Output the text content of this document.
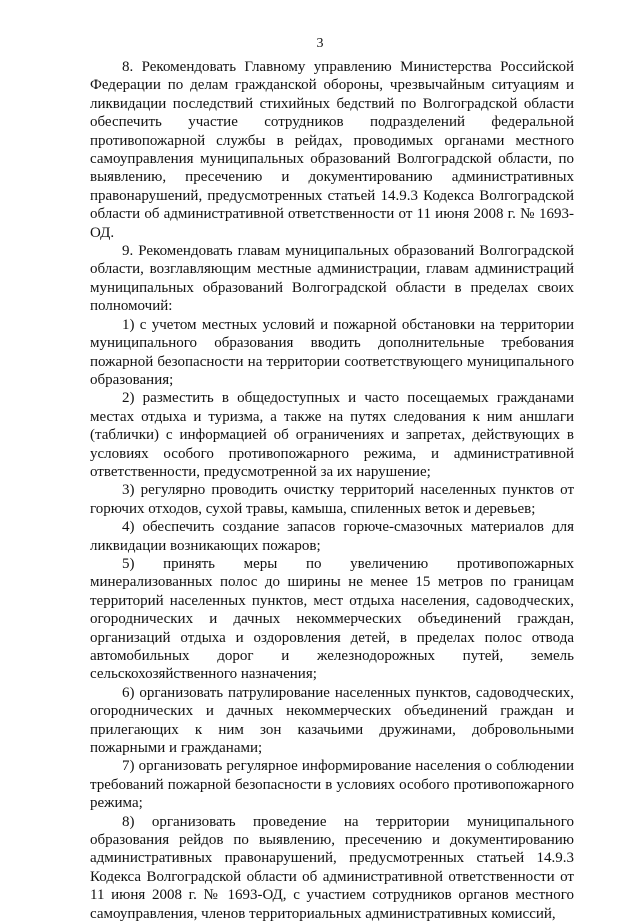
3

8. Рекомендовать Главному управлению Министерства Российской Федерации по делам гражданской обороны, чрезвычайным ситуациям и ликвидации последствий стихийных бедствий по Волгоградской области обеспечить участие сотрудников подразделений федеральной противопожарной службы в рейдах, проводимых органами местного самоуправления муниципальных образований Волгоградской области, по выявлению, пресечению и документированию административных правонарушений, предусмотренных статьей 14.9.3 Кодекса Волгоградской области об административной ответственности от 11 июня 2008 г. № 1693-ОД.

9. Рекомендовать главам муниципальных образований Волгоградской области, возглавляющим местные администрации, главам администраций муниципальных образований Волгоградской области в пределах своих полномочий:

1) с учетом местных условий и пожарной обстановки на территории муниципального образования вводить дополнительные требования пожарной безопасности на территории соответствующего муниципального образования;

2) разместить в общедоступных и часто посещаемых гражданами местах отдыха и туризма, а также на путях следования к ним аншлаги (таблички) с информацией об ограничениях и запретах, действующих в условиях особого противопожарного режима, и административной ответственности, предусмотренной за их нарушение;

3) регулярно проводить очистку территорий населенных пунктов от горючих отходов, сухой травы, камыша, спиленных веток и деревьев;

4) обеспечить создание запасов горюче-смазочных материалов для ликвидации возникающих пожаров;

5) принять меры по увеличению противопожарных минерализованных полос до ширины не менее 15 метров по границам территорий населенных пунктов, мест отдыха населения, садоводческих, огороднических и дачных некоммерческих объединений граждан, организаций отдыха и оздоровления детей, в пределах полос отвода автомобильных дорог и железнодорожных путей, земель сельскохозяйственного назначения;

6) организовать патрулирование населенных пунктов, садоводческих, огороднических и дачных некоммерческих объединений граждан и прилегающих к ним зон казачьими дружинами, добровольными пожарными и гражданами;

7) организовать регулярное информирование населения о соблюдении требований пожарной безопасности в условиях особого противопожарного режима;

8) организовать проведение на территории муниципального образования рейдов по выявлению, пресечению и документированию административных правонарушений, предусмотренных статьей 14.9.3 Кодекса Волгоградской области об административной ответственности от 11 июня 2008 г. № 1693-ОД, с участием сотрудников органов местного самоуправления, членов территориальных административных комиссий,
